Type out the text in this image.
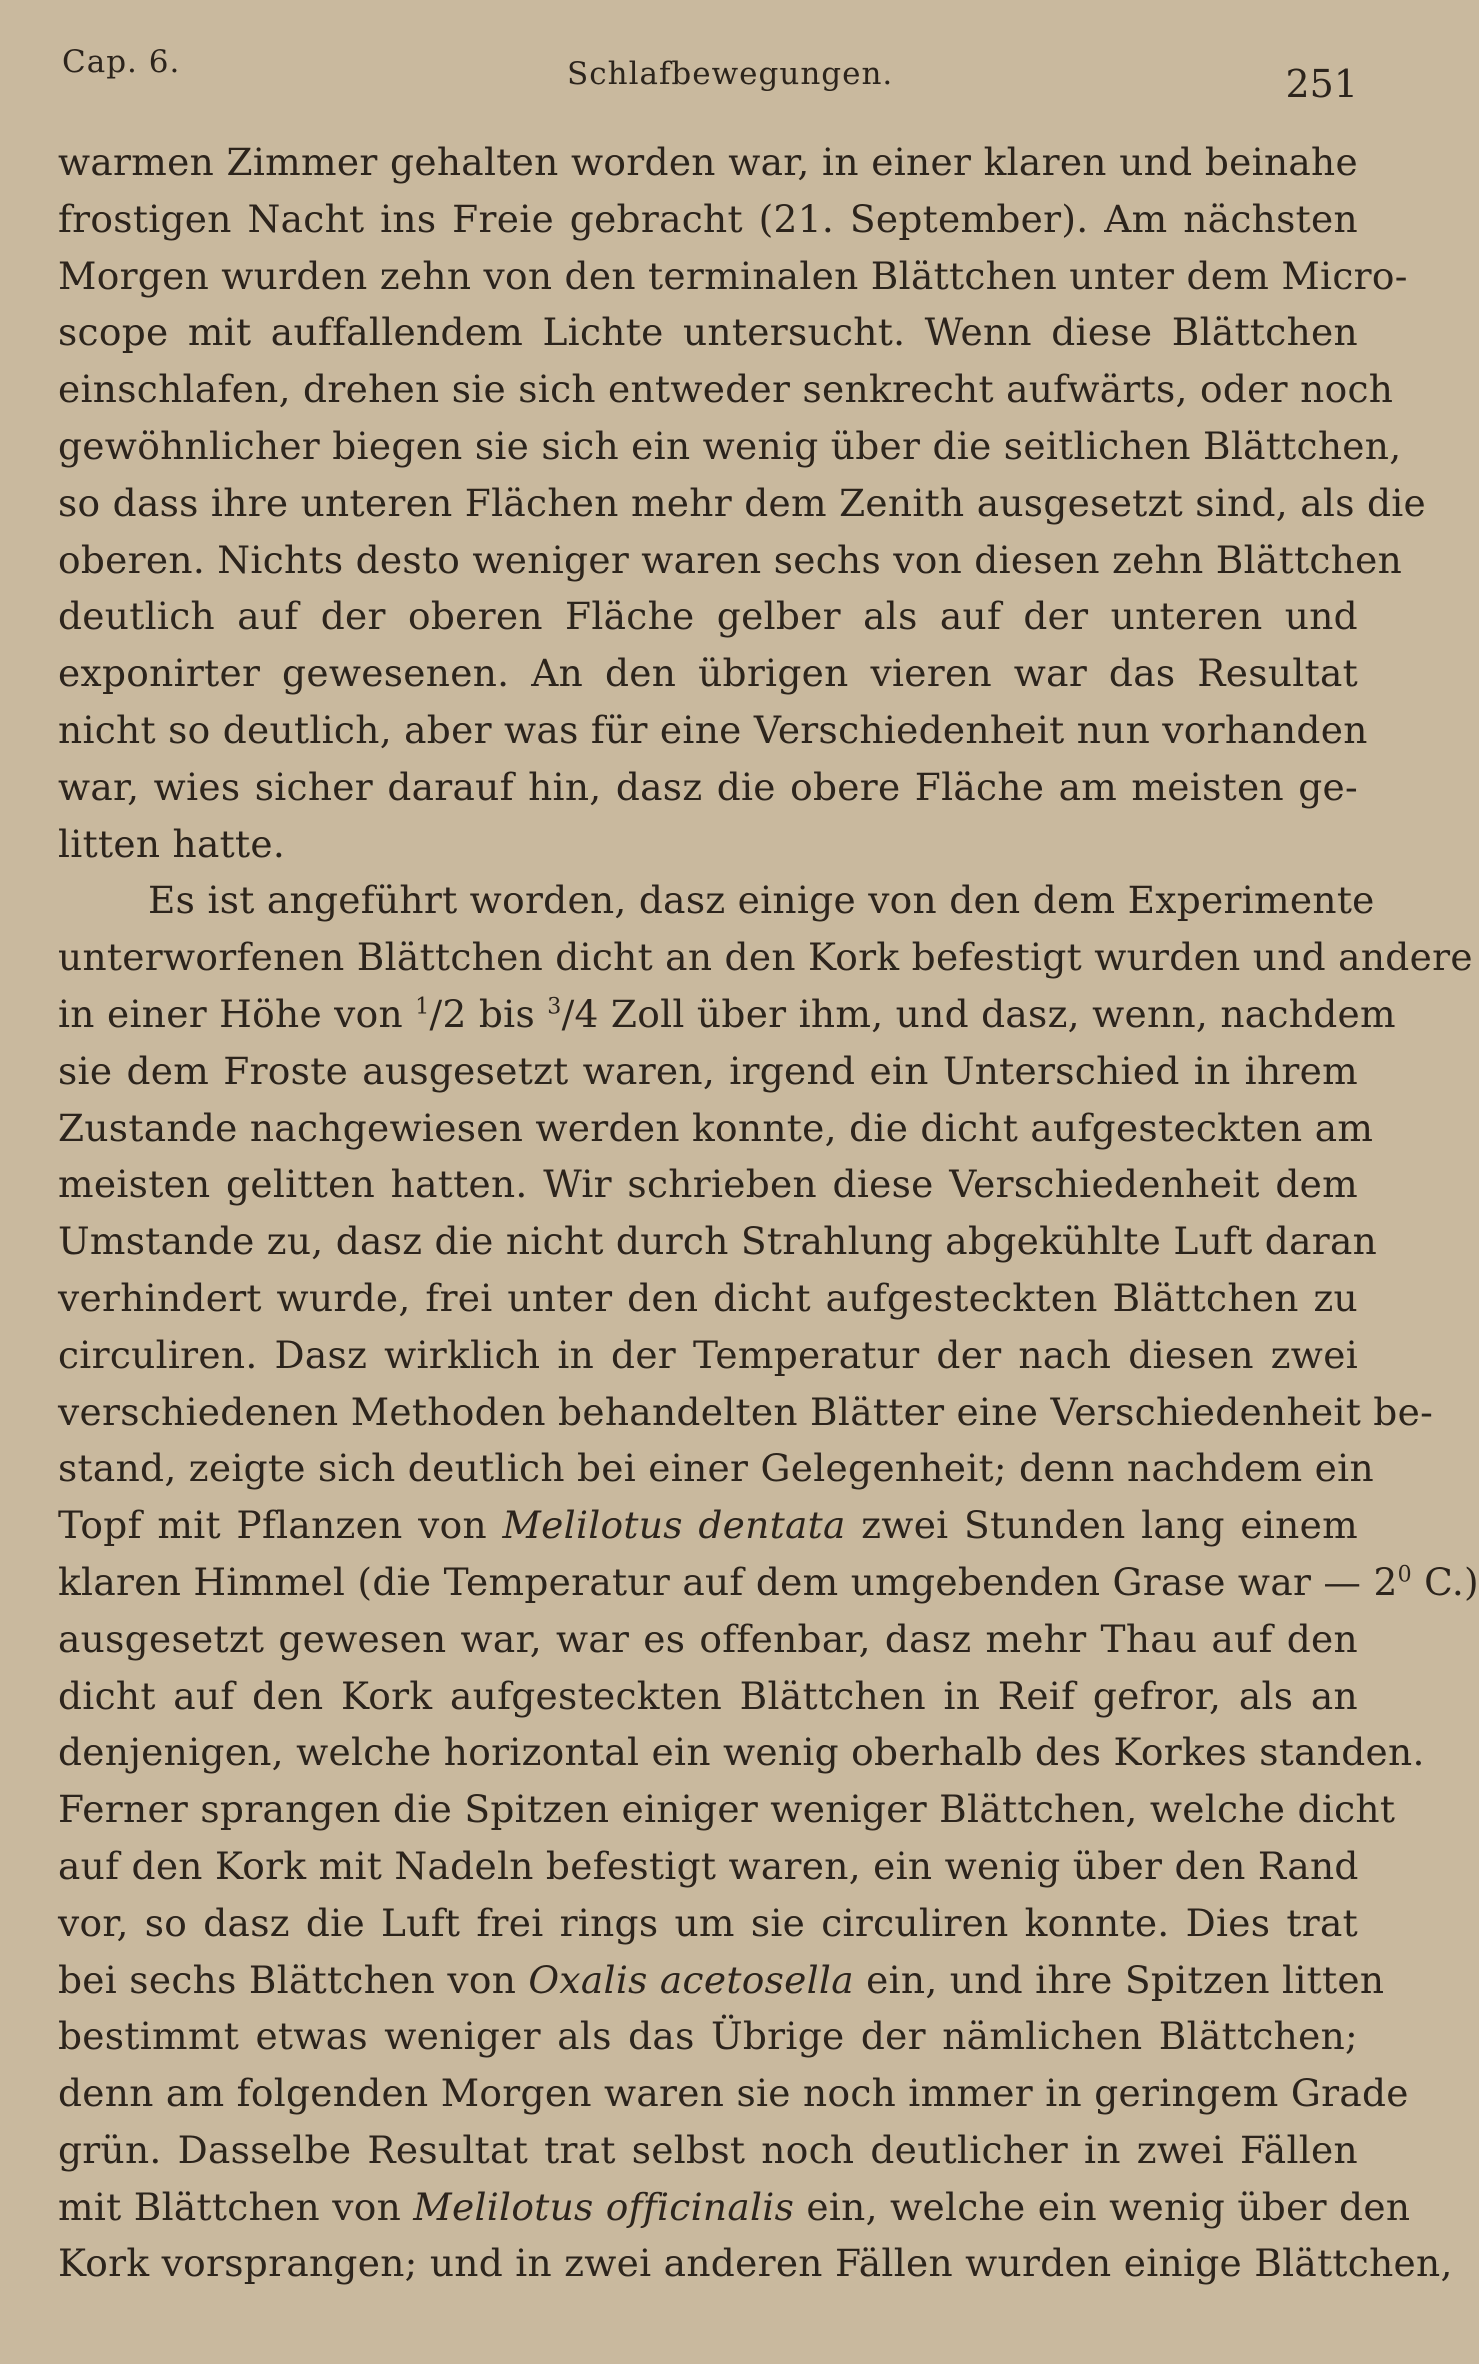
Cap. 6.	Schlafbewegungen.	251
warmen Zimmer gehalten worden war, in einer klaren und beinahe
frostigen Nacht ins Freie gebracht (21. September). Am nächsten
Morgen wurden zehn von den terminalen Blättchen unter dem Micro-
scope mit auffallendem Lichte untersucht. Wenn diese Blättchen
einschlafen, drehen sie sich entweder senkrecht aufwärts, oder noch
gewöhnlicher biegen sie sich ein wenig über die seitlichen Blättchen,
so dass ihre unteren Flächen mehr dem Zenith ausgesetzt sind, als die
oberen. Nichts desto weniger waren sechs von diesen zehn Blättchen
deutlich auf der oberen Fläche gelber als auf der unteren und
exponirter gewesenen. An den übrigen vieren war das Resultat
nicht so deutlich, aber was für eine Verschiedenheit nun vorhanden
war, wies sicher darauf hin, dasz die obere Fläche am meisten ge-
litten hatte.
Es ist angeführt worden, dasz einige von den dem Experimente
unterworfenen Blättchen dicht an den Kork befestigt wurden und andere
in einer Höhe von $^1$/2 bis $^3$/4 Zoll über ihm, und dasz, wenn, nachdem
sie dem Froste ausgesetzt waren, irgend ein Unterschied in ihrem
Zustande nachgewiesen werden konnte, die dicht aufgesteckten am
meisten gelitten hatten. Wir schrieben diese Verschiedenheit dem
Umstande zu, dasz die nicht durch Strahlung abgekühlte Luft daran
verhindert wurde, frei unter den dicht aufgesteckten Blättchen zu
circuliren. Dasz wirklich in der Temperatur der nach diesen zwei
verschiedenen Methoden behandelten Blätter eine Verschiedenheit be-
stand, zeigte sich deutlich bei einer Gelegenheit; denn nachdem ein
Topf mit Pflanzen von Melilotus dentata zwei Stunden lang einem
klaren Himmel (die Temperatur auf dem umgebenden Grase war — $2^0$ C.)
ausgesetzt gewesen war, war es offenbar, dasz mehr Thau auf den
dicht auf den Kork aufgesteckten Blättchen in Reif gefror, als an
denjenigen, welche horizontal ein wenig oberhalb des Korkes standen.
Ferner sprangen die Spitzen einiger weniger Blättchen, welche dicht
auf den Kork mit Nadeln befestigt waren, ein wenig über den Rand
vor, so dasz die Luft frei rings um sie circuliren konnte. Dies trat
bei sechs Blättchen von Oxalis acetosella ein, und ihre Spitzen litten
bestimmt etwas weniger als das Übrige der nämlichen Blättchen;
denn am folgenden Morgen waren sie noch immer in geringem Grade
grün. Dasselbe Resultat trat selbst noch deutlicher in zwei Fällen
mit Blättchen von Melilotus officinalis ein, welche ein wenig über den
Kork vorsprangen; und in zwei anderen Fällen wurden einige Blättchen,
